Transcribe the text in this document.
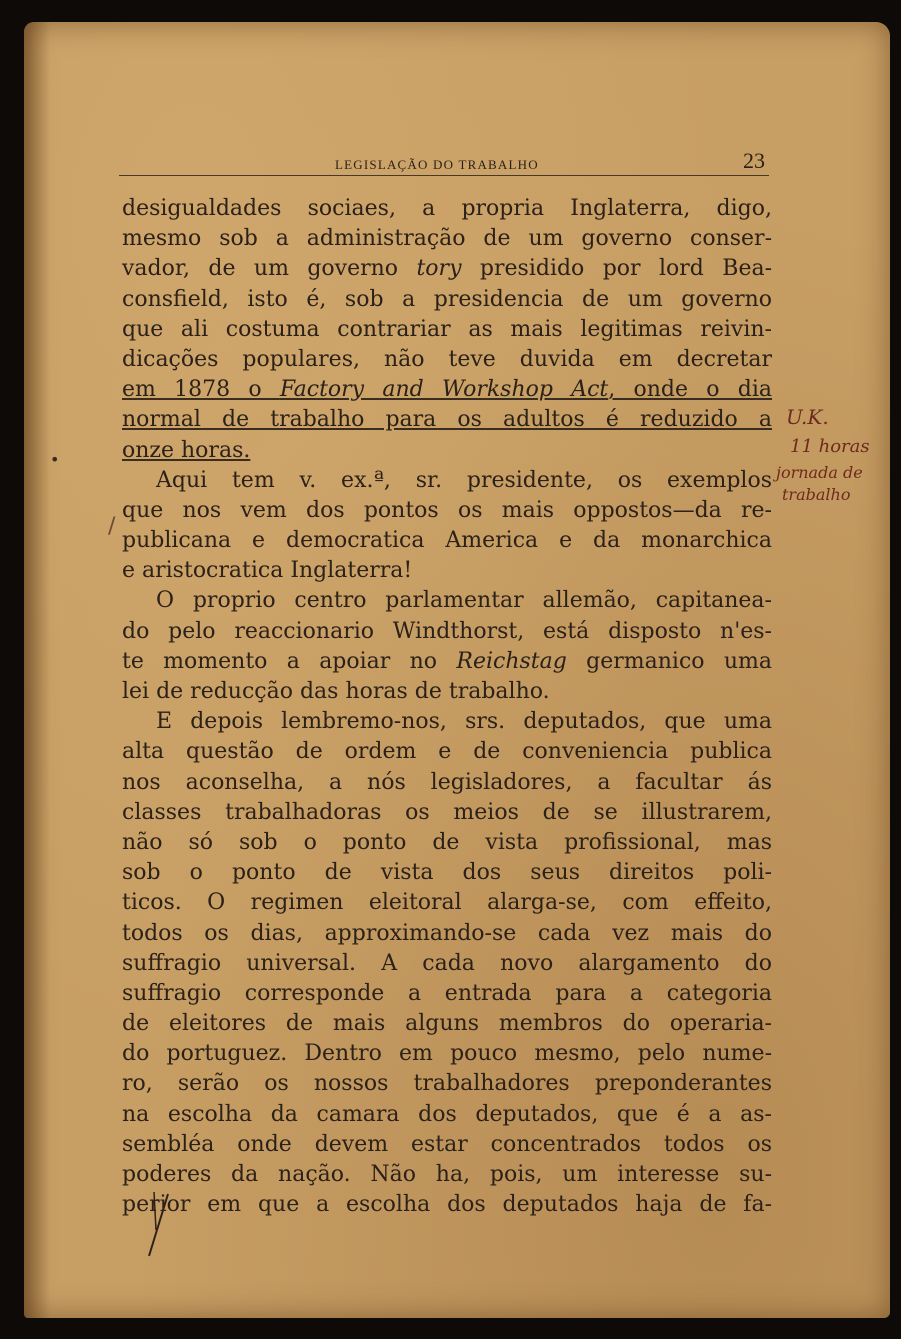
LEGISLAÇÃO DO TRABALHO	23
desigualdades sociaes, a propria Inglaterra, digo,
mesmo sob a administração de um governo conser-
vador, de um governo tory presidido por lord Bea-
consfield, isto é, sob a presidencia de um governo
que ali costuma contrariar as mais legitimas reivin-
dicações populares, não teve duvida em decretar
em 1878 o Factory and Workshop Act, onde o dia
normal de trabalho para os adultos é reduzido a
onze horas.
Aqui tem v. ex.ª, sr. presidente, os exemplos
que nos vem dos pontos os mais oppostos—da re-
publicana e democratica America e da monarchica
e aristocratica Inglaterra!
O proprio centro parlamentar allemão, capitanea-
do pelo reaccionario Windthorst, está disposto n'es-
te momento a apoiar no Reichstag germanico uma
lei de reducção das horas de trabalho.
E depois lembremo-nos, srs. deputados, que uma
alta questão de ordem e de conveniencia publica
nos aconselha, a nós legisladores, a facultar ás
classes trabalhadoras os meios de se illustrarem,
não só sob o ponto de vista profissional, mas
sob o ponto de vista dos seus direitos poli-
ticos. O regimen eleitoral alarga-se, com effeito,
todos os dias, approximando-se cada vez mais do
suffragio universal. A cada novo alargamento do
suffragio corresponde a entrada para a categoria
de eleitores de mais alguns membros do operaria-
do portuguez. Dentro em pouco mesmo, pelo nume-
ro, serão os nossos trabalhadores preponderantes
na escolha da camara dos deputados, que é a as-
sembléa onde devem estar concentrados todos os
poderes da nação. Não ha, pois, um interesse su-
perior em que a escolha dos deputados haja de fa-
U.K.
11 horas
jornada de
trabalho
•
/
